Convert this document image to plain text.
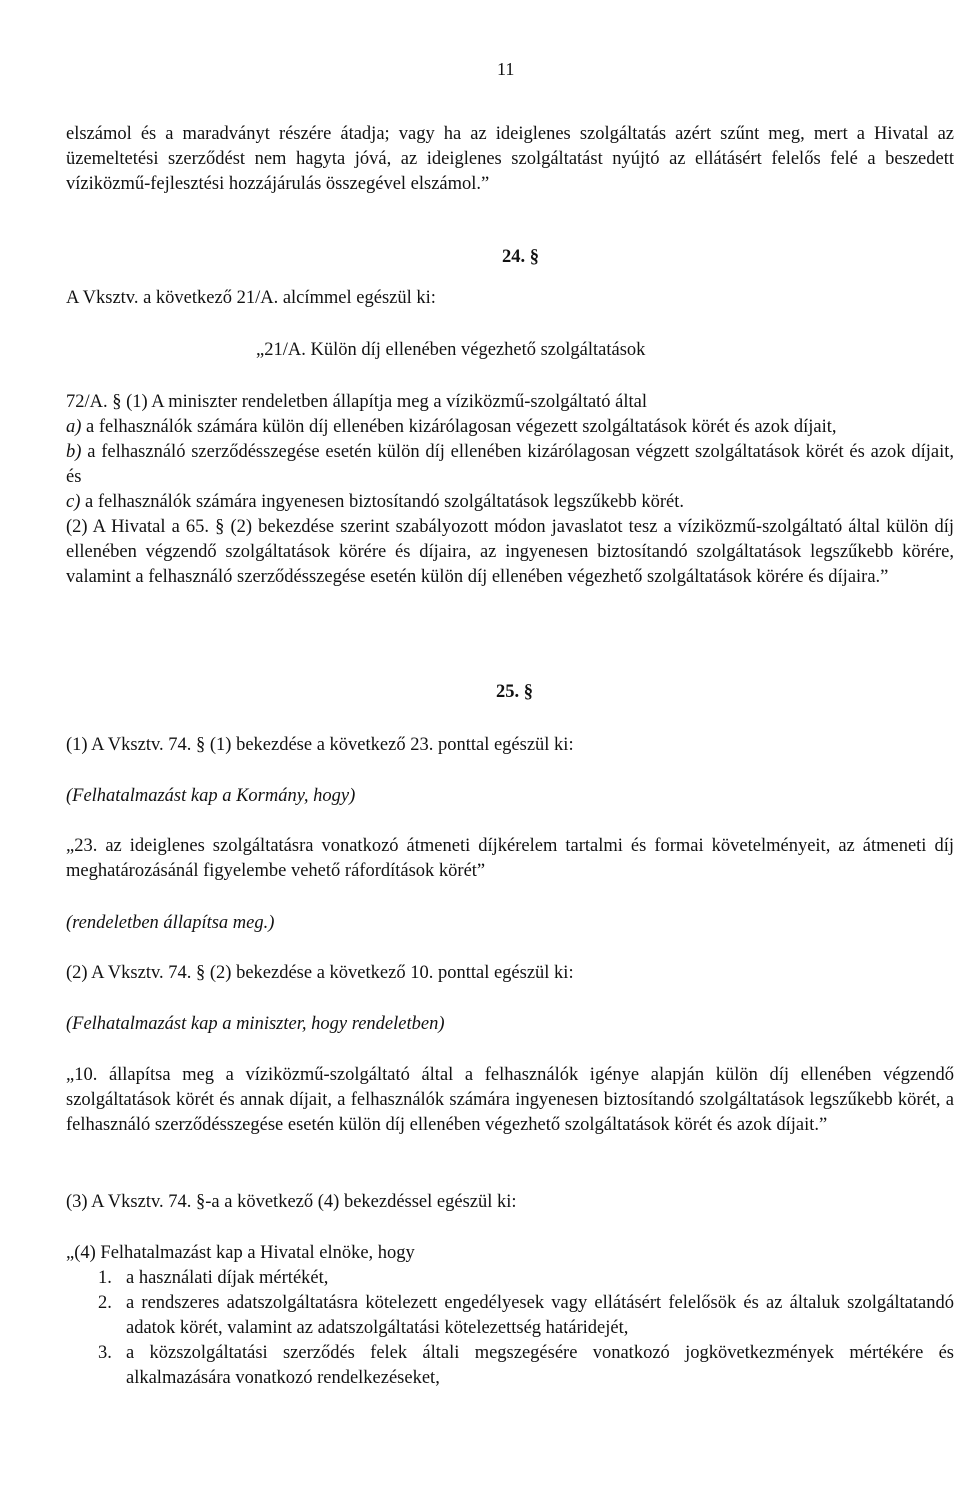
11

elszámol és a maradványt részére átadja; vagy ha az ideiglenes szolgáltatás azért szűnt meg, mert a Hivatal az üzemeltetési szerződést nem hagyta jóvá, az ideiglenes szolgáltatást nyújtó az ellátásért felelős felé a beszedett víziközmű-fejlesztési hozzájárulás összegével elszámol.”

24. §

A Vksztv. a következő 21/A. alcímmel egészül ki:

„21/A. Külön díj ellenében végezhető szolgáltatások

72/A. § (1) A miniszter rendeletben állapítja meg a víziközmű-szolgáltató által

a) a felhasználók számára külön díj ellenében kizárólagosan végezett szolgáltatások körét és azok díjait,

b) a felhasználó szerződésszegése esetén külön díj ellenében kizárólagosan végzett szolgáltatások körét és azok díjait, és

c) a felhasználók számára ingyenesen biztosítandó szolgáltatások legszűkebb körét.

(2) A Hivatal a 65. § (2) bekezdése szerint szabályozott módon javaslatot tesz a víziközmű-szolgáltató által külön díj ellenében végzendő szolgáltatások körére és díjaira, az ingyenesen biztosítandó szolgáltatások legszűkebb körére, valamint a felhasználó szerződésszegése esetén külön díj ellenében végezhető szolgáltatások körére és díjaira.”

25. §

(1) A Vksztv. 74. § (1) bekezdése a következő 23. ponttal egészül ki:

(Felhatalmazást kap a Kormány, hogy)

„23. az ideiglenes szolgáltatásra vonatkozó átmeneti díjkérelem tartalmi és formai követelményeit, az átmeneti díj meghatározásánál figyelembe vehető ráfordítások körét”

(rendeletben állapítsa meg.)

(2) A Vksztv. 74. § (2) bekezdése a következő 10. ponttal egészül ki:

(Felhatalmazást kap a miniszter, hogy rendeletben)

„10. állapítsa meg a víziközmű-szolgáltató által a felhasználók igénye alapján külön díj ellenében végzendő szolgáltatások körét és annak díjait, a felhasználók számára ingyenesen biztosítandó szolgáltatások legszűkebb körét, a felhasználó szerződésszegése esetén külön díj ellenében végezhető szolgáltatások körét és azok díjait.”

(3) A Vksztv. 74. §-a a következő (4) bekezdéssel egészül ki:

„(4) Felhatalmazást kap a Hivatal elnöke, hogy

1. a használati díjak mértékét,
2. a rendszeres adatszolgáltatásra kötelezett engedélyesek vagy ellátásért felelősök és az általuk szolgáltatandó adatok körét, valamint az adatszolgáltatási kötelezettség határidejét,
3. a közszolgáltatási szerződés felek általi megszegésére vonatkozó jogkövetkezmények mértékére és alkalmazására vonatkozó rendelkezéseket,
